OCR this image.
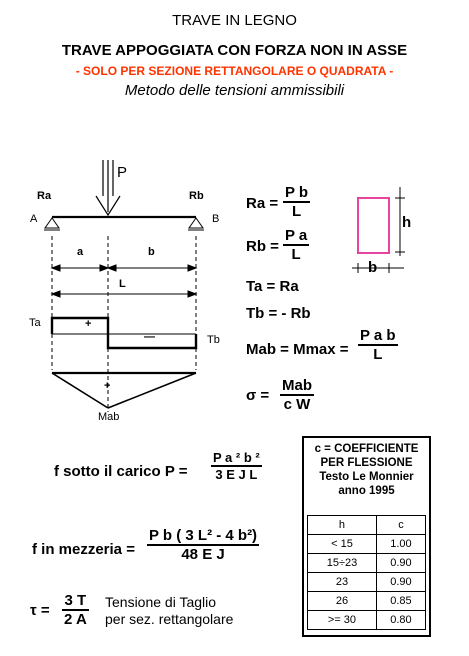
TRAVE IN LEGNO
TRAVE APPOGGIATA CON FORZA NON IN ASSE
- SOLO PER SEZIONE RETTANGOLARE O QUADRATA -
Metodo delle tensioni ammissibili
P
Ra	Rb
A	B
a	b
L
Ta
Tb
+
—
+
Mab
h
b
$Ra = \frac{\text{P b}}{L}$
$Rb = \frac{\text{P a}}{L}$
Ta = Ra
Tb = - Rb
Mab = $Mmax = \frac{\text{P a b}}{L}$
σ =
Mab
c W
f sotto il carico $P = \frac{\text{P a ² b ²}}{\text{3 E J L}}$
f in mezzeria = $\frac{\text{P b ( 3 L² - 4 b²)}}{\text{48 E J}}$
$\tau = \frac{3 T}{2 A}$ Tensione di Taglio
per sez. rettangolare
c = COEFFICIENTE
PER FLESSIONE
Testo Le Monnier
anno 1995
h	c
< 15	1.00
15÷23	0.90
23	0.90
26	0.85
>= 30	0.80
